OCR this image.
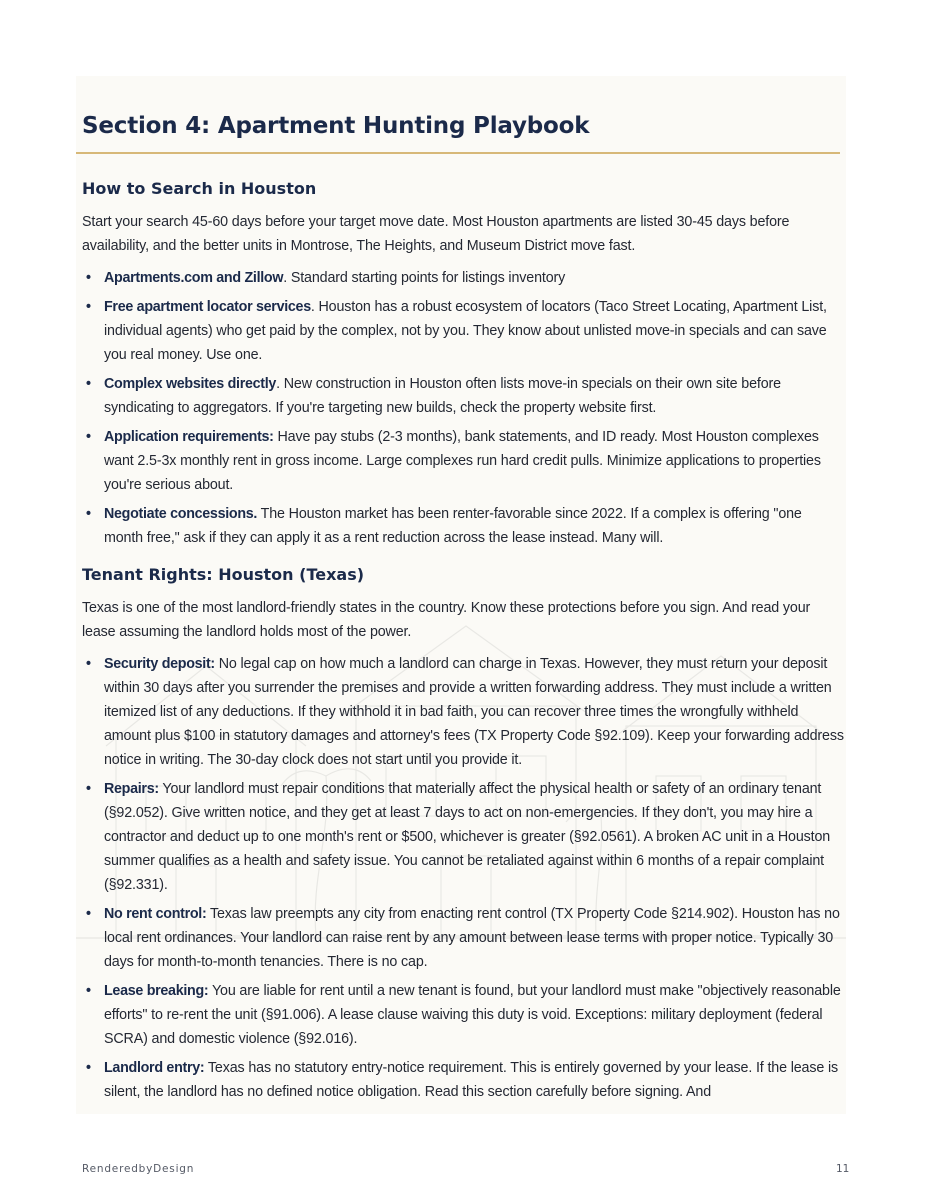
Section 4: Apartment Hunting Playbook
How to Search in Houston

Start your search 45-60 days before your target move date. Most Houston apartments are listed 30-45 days before availability, and the better units in Montrose, The Heights, and Museum District move fast.

• Apartments.com and Zillow. Standard starting points for listings inventory
• Free apartment locator services. Houston has a robust ecosystem of locators (Taco Street Locating, Apartment List, individual agents) who get paid by the complex, not by you. They know about unlisted move-in specials and can save you real money. Use one.
• Complex websites directly. New construction in Houston often lists move-in specials on their own site before syndicating to aggregators. If you're targeting new builds, check the property website first.
• Application requirements: Have pay stubs (2-3 months), bank statements, and ID ready. Most Houston complexes want 2.5-3x monthly rent in gross income. Large complexes run hard credit pulls. Minimize applications to properties you're serious about.
• Negotiate concessions. The Houston market has been renter-favorable since 2022. If a complex is offering "one month free," ask if they can apply it as a rent reduction across the lease instead. Many will.
Tenant Rights: Houston (Texas)

Texas is one of the most landlord-friendly states in the country. Know these protections before you sign. And read your lease assuming the landlord holds most of the power.

• Security deposit: No legal cap on how much a landlord can charge in Texas. However, they must return your deposit within 30 days after you surrender the premises and provide a written forwarding address. They must include a written itemized list of any deductions. If they withhold it in bad faith, you can recover three times the wrongfully withheld amount plus $100 in statutory damages and attorney's fees (TX Property Code §92.109). Keep your forwarding address notice in writing. The 30-day clock does not start until you provide it.
• Repairs: Your landlord must repair conditions that materially affect the physical health or safety of an ordinary tenant (§92.052). Give written notice, and they get at least 7 days to act on non-emergencies. If they don't, you may hire a contractor and deduct up to one month's rent or $500, whichever is greater (§92.0561). A broken AC unit in a Houston summer qualifies as a health and safety issue. You cannot be retaliated against within 6 months of a repair complaint (§92.331).
• No rent control: Texas law preempts any city from enacting rent control (TX Property Code §214.902). Houston has no local rent ordinances. Your landlord can raise rent by any amount between lease terms with proper notice. Typically 30 days for month-to-month tenancies. There is no cap.
• Lease breaking: You are liable for rent until a new tenant is found, but your landlord must make "objectively reasonable efforts" to re-rent the unit (§91.006). A lease clause waiving this duty is void. Exceptions: military deployment (federal SCRA) and domestic violence (§92.016).
• Landlord entry: Texas has no statutory entry-notice requirement. This is entirely governed by your lease. If the lease is silent, the landlord has no defined notice obligation. Read this section carefully before signing. And
RenderedbyDesign	11
